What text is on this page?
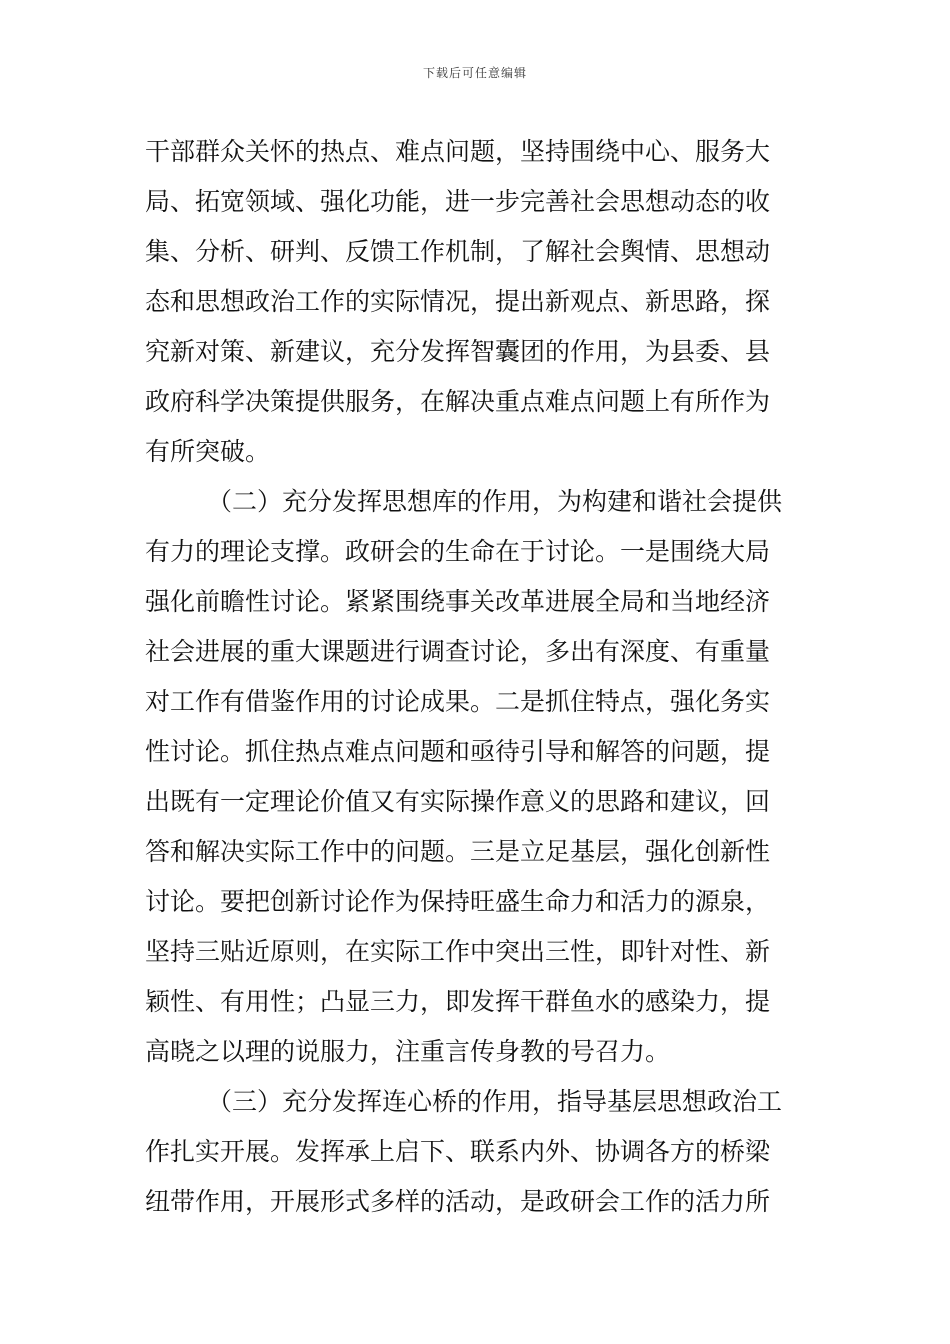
下载后可任意编辑
干部群众关怀的热点、难点问题，坚持围绕中心、服务大
局、拓宽领域、强化功能，进一步完善社会思想动态的收
集、分析、研判、反馈工作机制，了解社会舆情、思想动
态和思想政治工作的实际情况，提出新观点、新思路，探
究新对策、新建议，充分发挥智囊团的作用，为县委、县
政府科学决策提供服务，在解决重点难点问题上有所作为
有所突破。
（二）充分发挥思想库的作用，为构建和谐社会提供
有力的理论支撑。政研会的生命在于讨论。一是围绕大局
强化前瞻性讨论。紧紧围绕事关改革进展全局和当地经济
社会进展的重大课题进行调查讨论，多出有深度、有重量
对工作有借鉴作用的讨论成果。二是抓住特点，强化务实
性讨论。抓住热点难点问题和亟待引导和解答的问题，提
出既有一定理论价值又有实际操作意义的思路和建议，回
答和解决实际工作中的问题。三是立足基层，强化创新性
讨论。要把创新讨论作为保持旺盛生命力和活力的源泉，
坚持三贴近原则，在实际工作中突出三性，即针对性、新
颖性、有用性；凸显三力，即发挥干群鱼水的感染力，提
高晓之以理的说服力，注重言传身教的号召力。
（三）充分发挥连心桥的作用，指导基层思想政治工
作扎实开展。发挥承上启下、联系内外、协调各方的桥梁
纽带作用，开展形式多样的活动，是政研会工作的活力所
